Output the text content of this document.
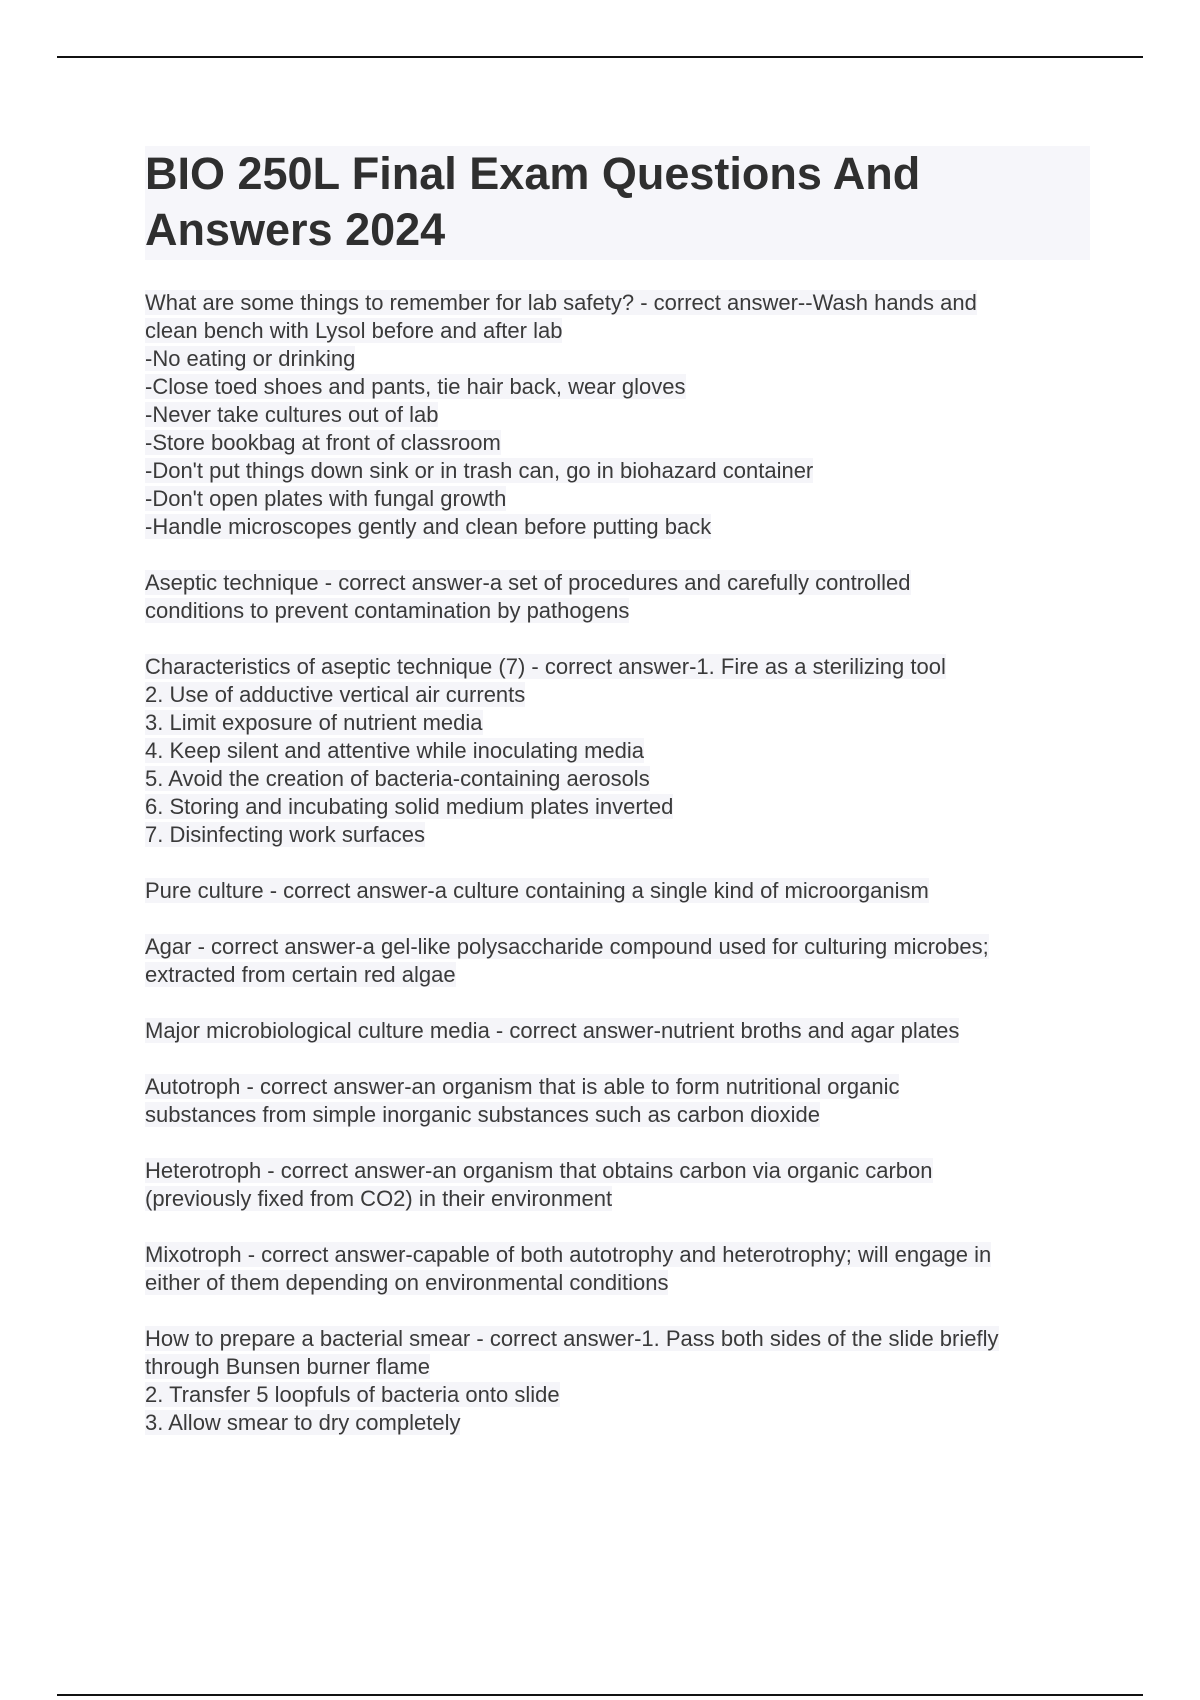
BIO 250L Final Exam Questions And Answers 2024
What are some things to remember for lab safety? - correct answer--Wash hands and
clean bench with Lysol before and after lab
-No eating or drinking
-Close toed shoes and pants, tie hair back, wear gloves
-Never take cultures out of lab
-Store bookbag at front of classroom
-Don't put things down sink or in trash can, go in biohazard container
-Don't open plates with fungal growth
-Handle microscopes gently and clean before putting back
Aseptic technique - correct answer-a set of procedures and carefully controlled
conditions to prevent contamination by pathogens
Characteristics of aseptic technique (7) - correct answer-1. Fire as a sterilizing tool
2. Use of adductive vertical air currents
3. Limit exposure of nutrient media
4. Keep silent and attentive while inoculating media
5. Avoid the creation of bacteria-containing aerosols
6. Storing and incubating solid medium plates inverted
7. Disinfecting work surfaces
Pure culture - correct answer-a culture containing a single kind of microorganism
Agar - correct answer-a gel-like polysaccharide compound used for culturing microbes;
extracted from certain red algae
Major microbiological culture media - correct answer-nutrient broths and agar plates
Autotroph - correct answer-an organism that is able to form nutritional organic
substances from simple inorganic substances such as carbon dioxide
Heterotroph - correct answer-an organism that obtains carbon via organic carbon
(previously fixed from CO2) in their environment
Mixotroph - correct answer-capable of both autotrophy and heterotrophy; will engage in
either of them depending on environmental conditions
How to prepare a bacterial smear - correct answer-1. Pass both sides of the slide briefly
through Bunsen burner flame
2. Transfer 5 loopfuls of bacteria onto slide
3. Allow smear to dry completely
